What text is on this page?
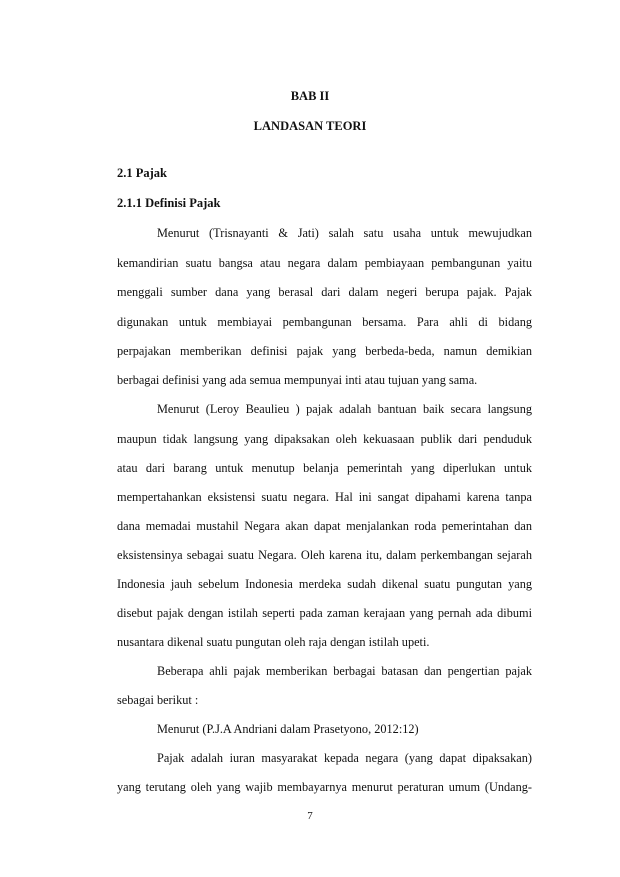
BAB II
LANDASAN TEORI
2.1 Pajak
2.1.1 Definisi Pajak
Menurut (Trisnayanti & Jati) salah satu usaha untuk mewujudkan
kemandirian suatu bangsa atau negara dalam pembiayaan pembangunan yaitu
menggali sumber dana yang berasal dari dalam negeri berupa pajak. Pajak
digunakan untuk membiayai pembangunan bersama. Para ahli di bidang
perpajakan memberikan definisi pajak yang berbeda-beda, namun demikian
berbagai definisi yang ada semua mempunyai inti atau tujuan yang sama.
Menurut (Leroy Beaulieu ) pajak adalah bantuan baik secara langsung
maupun tidak langsung yang dipaksakan oleh kekuasaan publik dari penduduk
atau dari barang untuk menutup belanja pemerintah yang diperlukan untuk
mempertahankan eksistensi suatu negara. Hal ini sangat dipahami karena tanpa
dana memadai mustahil Negara akan dapat menjalankan roda pemerintahan dan
eksistensinya sebagai suatu Negara. Oleh karena itu, dalam perkembangan sejarah
Indonesia jauh sebelum Indonesia merdeka sudah dikenal suatu pungutan yang
disebut pajak dengan istilah seperti pada zaman kerajaan yang pernah ada dibumi
nusantara dikenal suatu pungutan oleh raja dengan istilah upeti.
Beberapa ahli pajak memberikan berbagai batasan dan pengertian pajak
sebagai berikut :
Menurut (P.J.A Andriani dalam Prasetyono, 2012:12)
Pajak adalah iuran masyarakat kepada negara (yang dapat dipaksakan)
yang terutang oleh yang wajib membayarnya menurut peraturan umum (Undang-
7
